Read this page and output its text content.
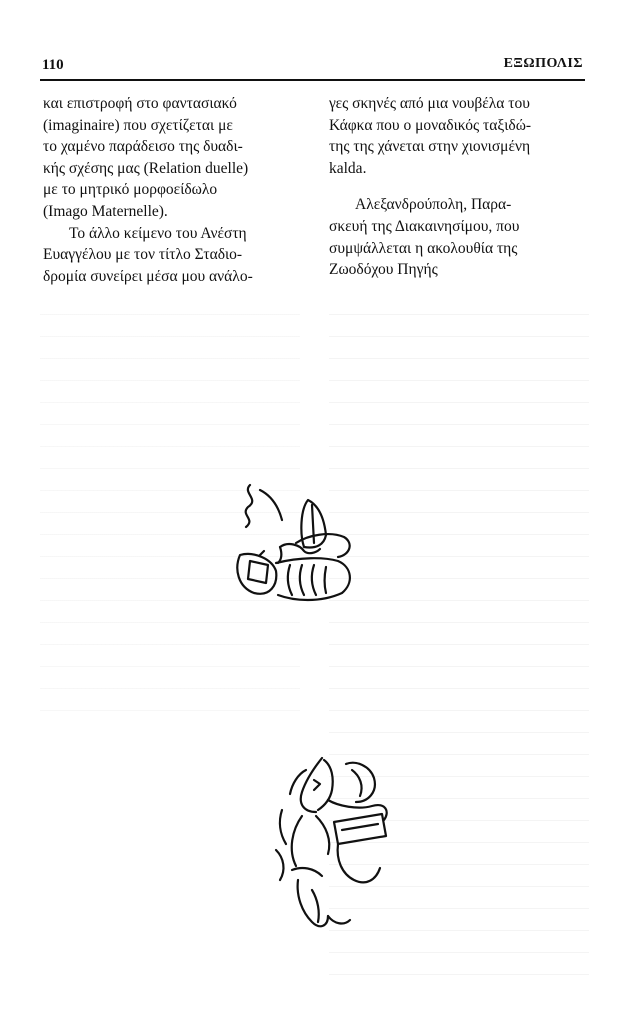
110	ΕΞΩΠΟΛΙΣ

και επιστροφή στο φαντασιακό
(imaginaire) που σχετίζεται με
το χαμένο παράδεισο της δυαδι-
κής σχέσης μας (Relation duelle)
με το μητρικό μορφοείδωλο
(Imago Maternelle).

Το άλλο κείμενο του Ανέστη
Ευαγγέλου με τον τίτλο Σταδιο-
δρομία συνείρει μέσα μου ανάλο-

γες σκηνές από μια νουβέλα του
Κάφκα που ο μοναδικός ταξιδώ-
της της χάνεται στην χιονισμένη
kalda.

Αλεξανδρούπολη, Παρα-
σκευή της Διακαινησίμου, που
συμψάλλεται η ακολουθία της
Ζωοδόχου Πηγής
